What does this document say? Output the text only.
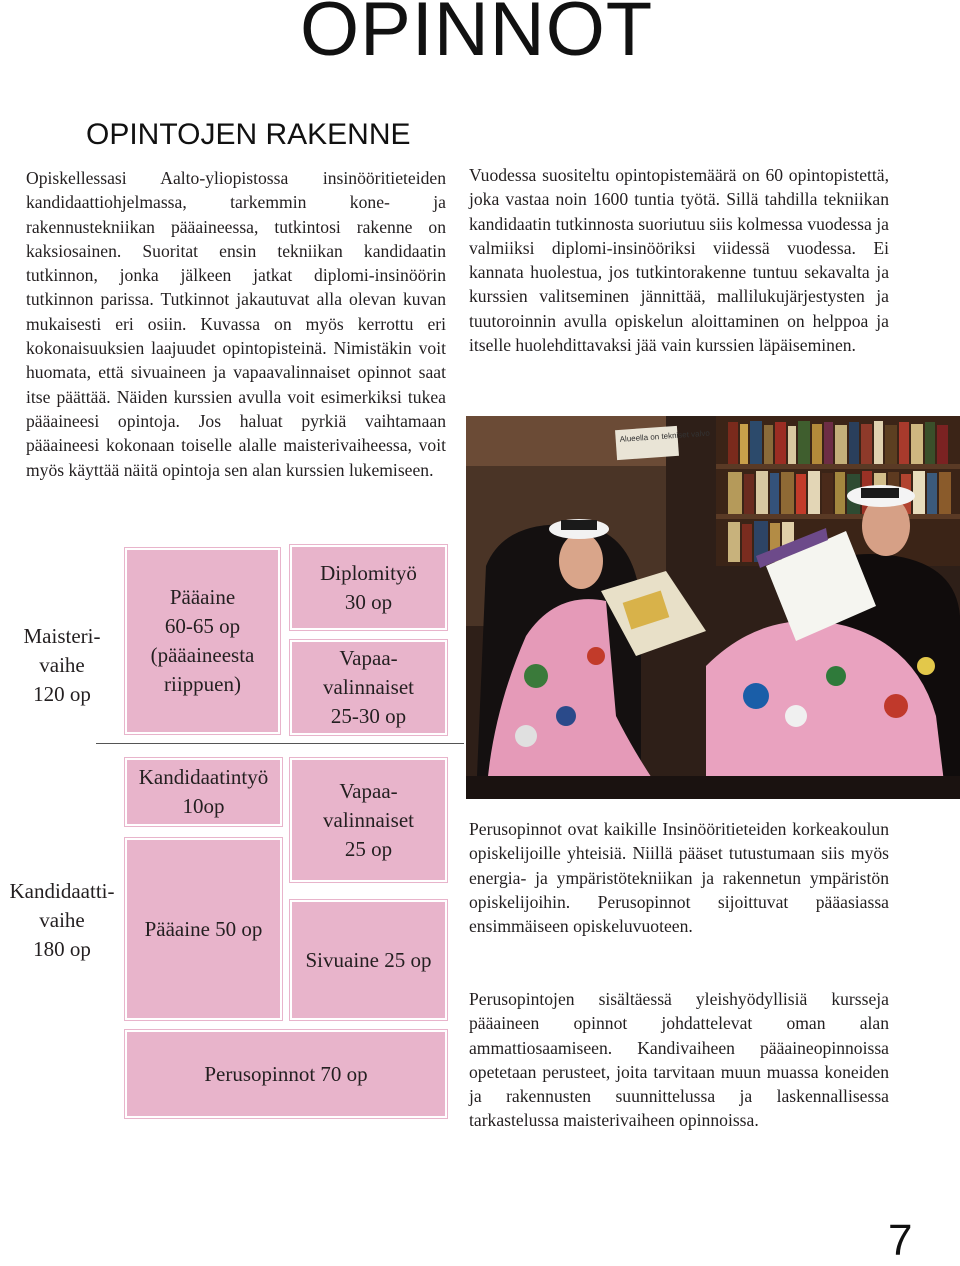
OPINNOT
OPINTOJEN RAKENNE

Opiskellessasi Aalto-yliopistossa insinööritieteiden kandidaattiohjelmassa, tarkemmin kone- ja rakennustekniikan pääaineessa, tutkintosi rakenne on kaksiosainen. Suoritat ensin tekniikan kandidaatin tutkinnon, jonka jälkeen jatkat diplomi-insinöörin tutkinnon parissa. Tutkinnot jakautuvat alla olevan kuvan mukaisesti eri osiin. Kuvassa on myös kerrottu eri kokonaisuuksien laajuudet opintopisteinä. Nimistäkin voit huomata, että sivuaineen ja vapaavalinnaiset opinnot saat itse päättää. Näiden kurssien avulla voit esimerkiksi tukea pääaineesi opintoja. Jos haluat pyrkiä vaihtamaan pääaineesi kokonaan toiselle alalle maisterivaiheessa, voit myös käyttää näitä opintoja sen alan kurssien lukemiseen.

Vuodessa suositeltu opintopistemäärä on 60 opintopistettä, joka vastaa noin 1600 tuntia työtä. Sillä tahdilla tekniikan kandidaatin tutkinnosta suoriutuu siis kolmessa vuodessa ja valmiiksi diplomi-insinööriksi viidessä vuodessa. Ei kannata huolestua, jos tutkintorakenne tuntuu sekavalta ja kurssien valitseminen jännittää, mallilukujärjestysten ja tuutoroinnin avulla opiskelun aloittaminen on helppoa ja itselle huolehdittavaksi jää vain kurssien läpäiseminen.

Alueella on tekniset valvo
Maisteri-
vaihe
120 op
Kandidaatti-
vaihe
180 op
Pääaine
60-65 op
(pääaineesta
riippuen)
Diplomityö
30 op
Vapaa-
valinnaiset
25-30 op
Kandidaatintyö
10op
Vapaa-
valinnaiset
25 op
Pääaine 50 op
Sivuaine 25 op
Perusopinnot 70 op

Perusopinnot ovat kaikille Insinööritieteiden korkeakoulun opiskelijoille yhteisiä. Niillä pääset tutustumaan siis myös energia- ja ympäristötekniikan ja rakennetun ympäristön opiskelijoihin. Perusopinnot sijoittuvat pääasiassa ensimmäiseen opiskeluvuoteen.

Perusopintojen sisältäessä yleishyödyllisiä kursseja pääaineen opinnot johdattelevat oman alan ammattiosaamiseen. Kandivaiheen pääaineopinnoissa opetetaan perusteet, joita tarvitaan muun muassa koneiden ja rakennusten suunnittelussa ja laskennallisessa tarkastelussa maisterivaiheen opinnoissa.

7
